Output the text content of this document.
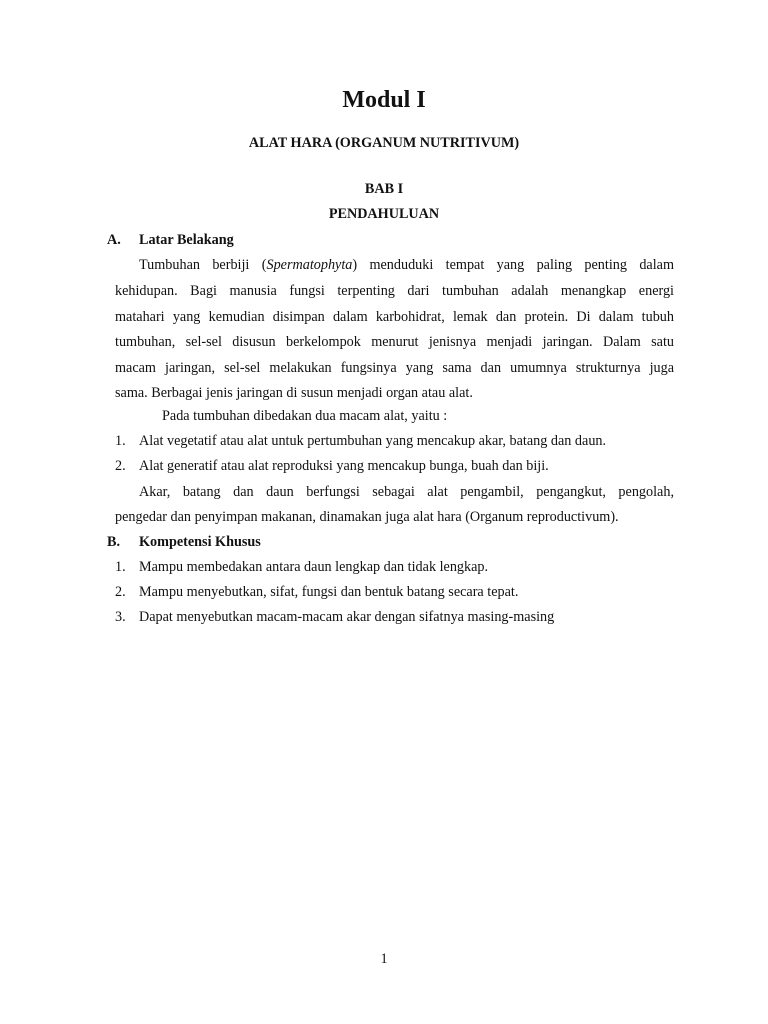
Modul I
ALAT HARA (ORGANUM NUTRITIVUM)
BAB I
PENDAHULUAN
A. Latar Belakang
Tumbuhan berbiji (Spermatophyta) menduduki tempat yang paling penting dalam
kehidupan. Bagi manusia fungsi terpenting dari tumbuhan adalah menangkap energi
matahari yang kemudian disimpan dalam karbohidrat, lemak dan protein. Di dalam tubuh
tumbuhan, sel-sel disusun berkelompok menurut jenisnya menjadi jaringan. Dalam satu
macam jaringan, sel-sel melakukan fungsinya yang sama dan umumnya strukturnya juga
sama. Berbagai jenis jaringan di susun menjadi organ atau alat.
Pada tumbuhan dibedakan dua macam alat, yaitu :
1. Alat vegetatif atau alat untuk pertumbuhan yang mencakup akar, batang dan daun.
2. Alat generatif atau alat reproduksi yang mencakup bunga, buah dan biji.
Akar, batang dan daun berfungsi sebagai alat pengambil, pengangkut, pengolah,
pengedar dan penyimpan makanan, dinamakan juga alat hara (Organum reproductivum).
B. Kompetensi Khusus
1. Mampu membedakan antara daun lengkap dan tidak lengkap.
2. Mampu menyebutkan, sifat, fungsi dan bentuk batang secara tepat.
3. Dapat menyebutkan macam-macam akar dengan sifatnya masing-masing
1
